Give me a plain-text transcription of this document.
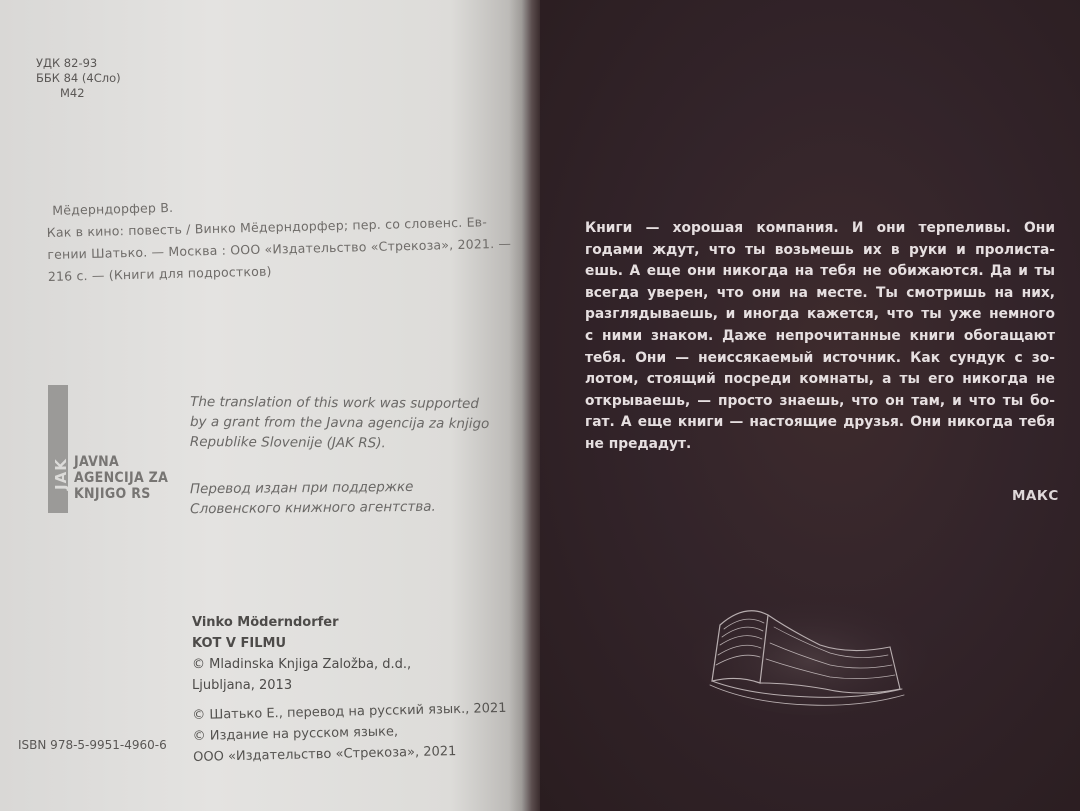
УДК 82-93
ББК 84 (4Сло)
М42
Мёдерндорфер В.
Как в кино: повесть / Винко Мёдерндорфер; пер. со словенс. Ев-
гении Шатько. — Москва : ООО «Издательство «Стрекоза», 2021. —
216 с. — (Книги для подростков)
JAK JAVNA
AGENCIJA ZA
KNJIGO RS
The translation of this work was supported
by a grant from the Javna agencija za knjigo
Republike Slovenije (JAK RS).
Перевод издан при поддержке
Словенского книжного агентства.
Vinko Möderndorfer
KOT V FILMU
© Mladinska Knjiga Založba, d.d.,
Ljubljana, 2013
© Шатько Е., перевод на русский язык., 2021
© Издание на русском языке,
ООО «Издательство «Стрекоза», 2021
ISBN 978-5-9951-4960-6
Книги — хорошая компания. И они терпеливы. Они
годами ждут, что ты возьмешь их в руки и пролиста-
ешь. А еще они никогда на тебя не обижаются. Да и ты
всегда уверен, что они на месте. Ты смотришь на них,
разглядываешь, и иногда кажется, что ты уже немного
с ними знаком. Даже непрочитанные книги обогащают
тебя. Они — неиссякаемый источник. Как сундук с зо-
лотом, стоящий посреди комнаты, а ты его никогда не
открываешь, — просто знаешь, что он там, и что ты бо-
гат. А еще книги — настоящие друзья. Они никогда тебя
не предадут.
МАКС
